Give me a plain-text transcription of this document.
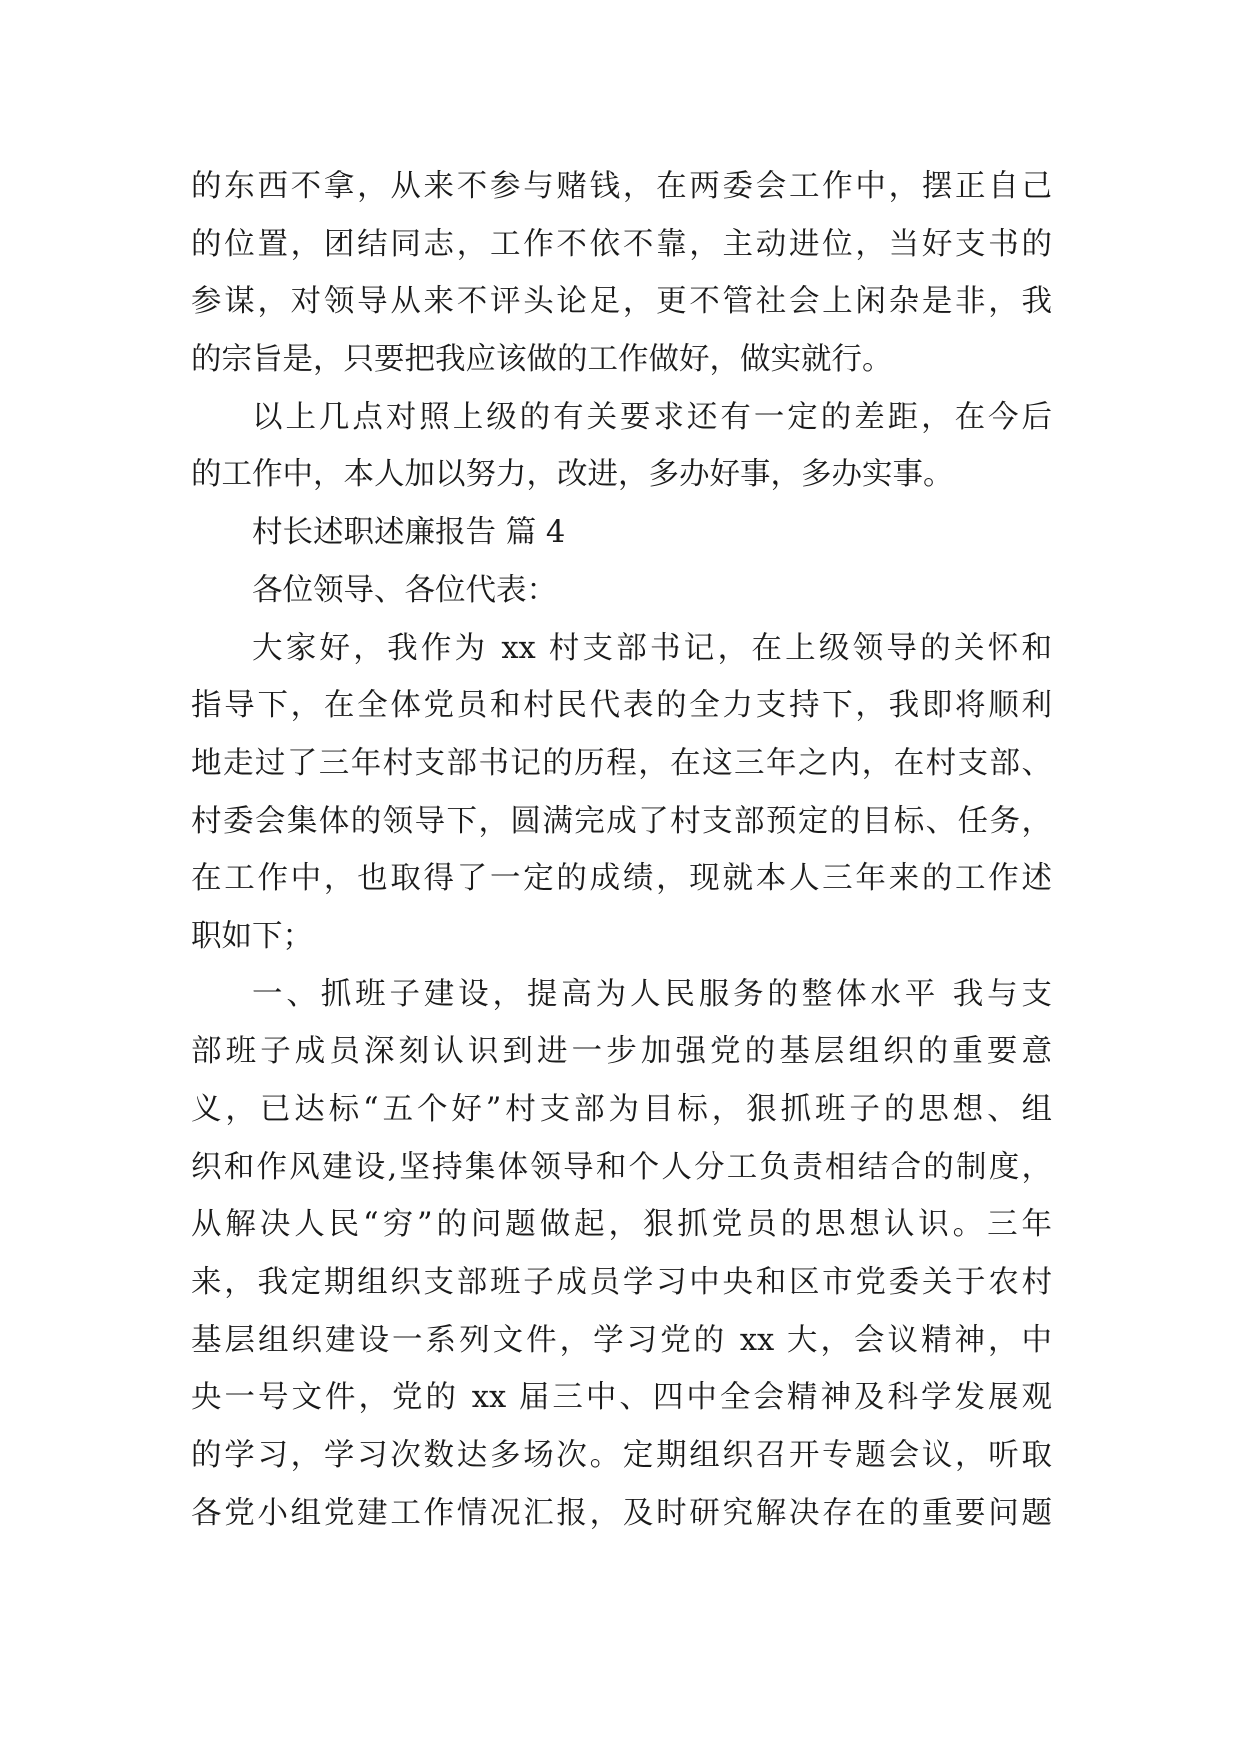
的东西不拿，从来不参与赌钱，在两委会工作中，摆正自己
的位置，团结同志，工作不依不靠，主动进位，当好支书的
参谋，对领导从来不评头论足，更不管社会上闲杂是非，我
的宗旨是，只要把我应该做的工作做好，做实就行。
以上几点对照上级的有关要求还有一定的差距，在今后
的工作中，本人加以努力，改进，多办好事，多办实事。
村长述职述廉报告 篇 4
各位领导、各位代表：
大家好，我作为 xx 村支部书记，在上级领导的关怀和
指导下，在全体党员和村民代表的全力支持下，我即将顺利
地走过了三年村支部书记的历程，在这三年之内，在村支部、
村委会集体的领导下，圆满完成了村支部预定的目标、任务，
在工作中，也取得了一定的成绩，现就本人三年来的工作述
职如下；
一、抓班子建设，提高为人民服务的整体水平 我与支
部班子成员深刻认识到进一步加强党的基层组织的重要意
义，已达标“五个好”村支部为目标，狠抓班子的思想、组
织和作风建设,坚持集体领导和个人分工负责相结合的制度，
从解决人民“穷”的问题做起，狠抓党员的思想认识。三年
来，我定期组织支部班子成员学习中央和区市党委关于农村
基层组织建设一系列文件，学习党的 xx 大，会议精神，中
央一号文件，党的 xx 届三中、四中全会精神及科学发展观
的学习，学习次数达多场次。定期组织召开专题会议，听取
各党小组党建工作情况汇报，及时研究解决存在的重要问题
